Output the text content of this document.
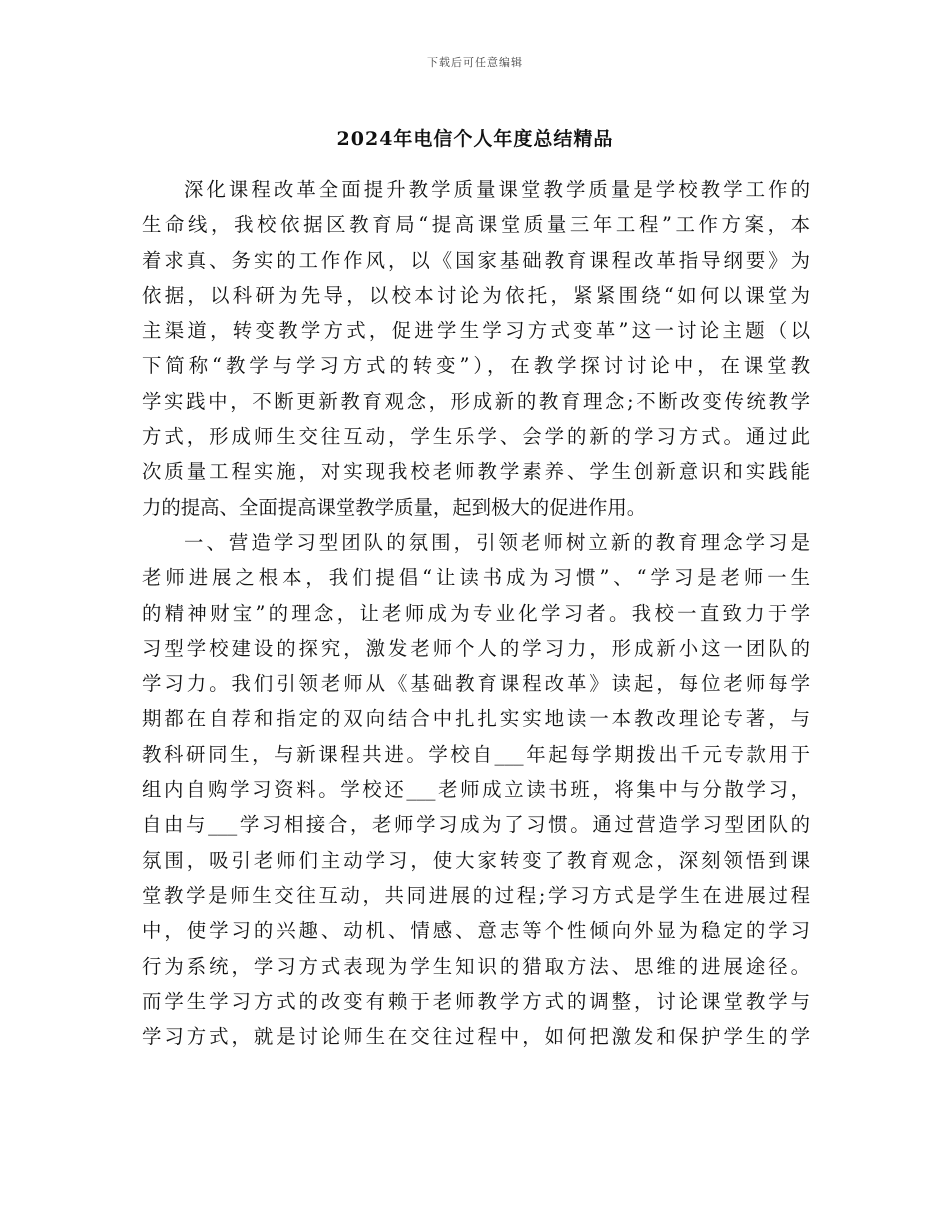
下载后可任意编辑
2024年电信个人年度总结精品
深化课程改革全面提升教学质量课堂教学质量是学校教学工作的
生命线，我校依据区教育局“提高课堂质量三年工程”工作方案，本
着求真、务实的工作作风，以《国家基础教育课程改革指导纲要》为
依据，以科研为先导，以校本讨论为依托，紧紧围绕“如何以课堂为
主渠道，转变教学方式，促进学生学习方式变革”这一讨论主题（以
下简称“教学与学习方式的转变”），在教学探讨讨论中，在课堂教
学实践中，不断更新教育观念，形成新的教育理念;不断改变传统教学
方式，形成师生交往互动，学生乐学、会学的新的学习方式。通过此
次质量工程实施，对实现我校老师教学素养、学生创新意识和实践能
力的提高、全面提高课堂教学质量，起到极大的促进作用。
一、营造学习型团队的氛围，引领老师树立新的教育理念学习是
老师进展之根本，我们提倡“让读书成为习惯”、“学习是老师一生
的精神财宝”的理念，让老师成为专业化学习者。我校一直致力于学
习型学校建设的探究，激发老师个人的学习力，形成新小这一团队的
学习力。我们引领老师从《基础教育课程改革》读起，每位老师每学
期都在自荐和指定的双向结合中扎扎实实地读一本教改理论专著，与
教科研同生，与新课程共进。学校自___年起每学期拨出千元专款用于
组内自购学习资料。学校还___老师成立读书班，将集中与分散学习，
自由与___学习相接合，老师学习成为了习惯。通过营造学习型团队的
氛围，吸引老师们主动学习，使大家转变了教育观念，深刻领悟到课
堂教学是师生交往互动，共同进展的过程;学习方式是学生在进展过程
中，使学习的兴趣、动机、情感、意志等个性倾向外显为稳定的学习
行为系统，学习方式表现为学生知识的猎取方法、思维的进展途径。
而学生学习方式的改变有赖于老师教学方式的调整，讨论课堂教学与
学习方式，就是讨论师生在交往过程中，如何把激发和保护学生的学
